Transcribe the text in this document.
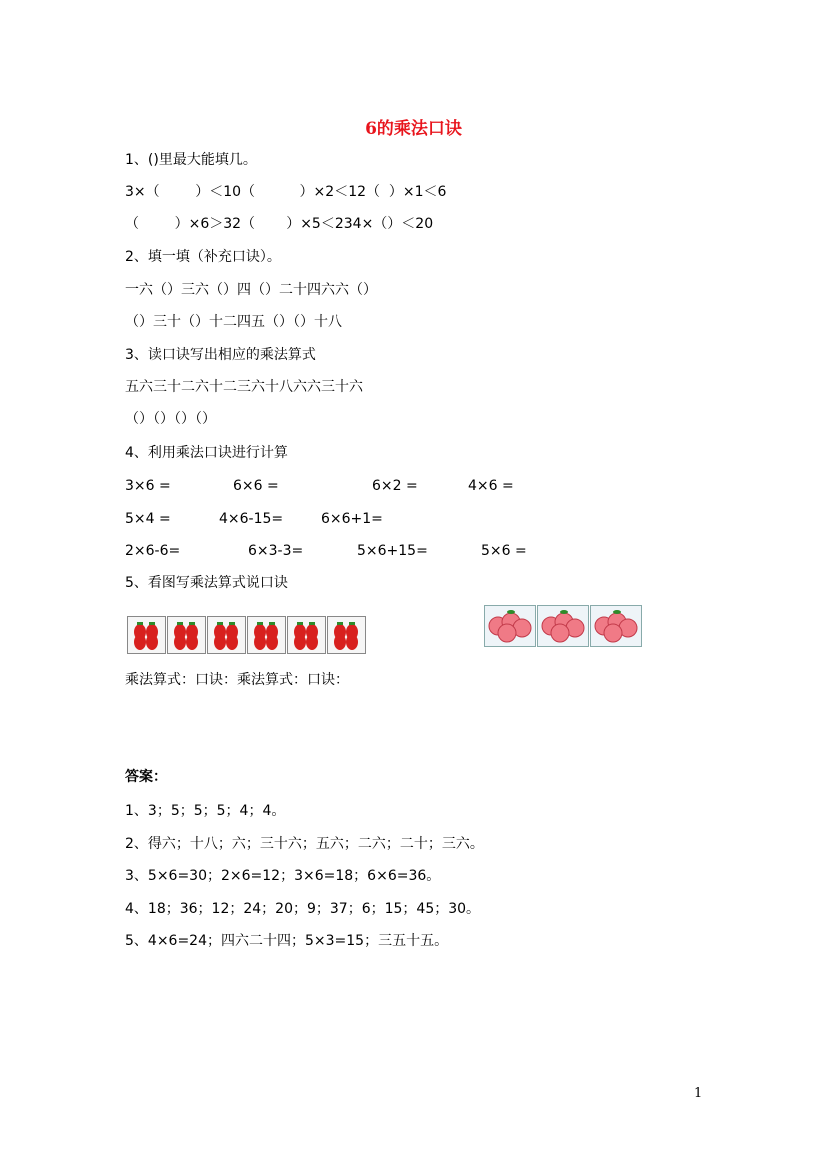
6的乘法口诀
1、()里最大能填几。
3×（        ）＜10（          ）×2＜12（  ）×1＜6
（        ）×6＞32（       ）×5＜234×（）＜20
2、填一填（补充口诀）。
一六（）三六（）四（）二十四六六（）
（）三十（）十二四五（）（）十八
3、读口诀写出相应的乘法算式
五六三十二六十二三六十八六六三十六
（）（）（）（）
4、利用乘法口诀进行计算
3×6 =	6×6 =	6×2 =	4×6 =
5×4 =	4×6-15=	6×6+1=
2×6-6=	6×3-3=	5×6+15=	5×6 =
5、看图写乘法算式说口诀
乘法算式：口诀：乘法算式：口诀：
答案：
1、3；5；5；5；4；4。
2、得六；十八；六；三十六；五六；二六；二十；三六。
3、5×6=30；2×6=12；3×6=18；6×6=36。
4、18；36；12；24；20；9；37；6；15；45；30。
5、4×6=24；四六二十四；5×3=15；三五十五。
1
